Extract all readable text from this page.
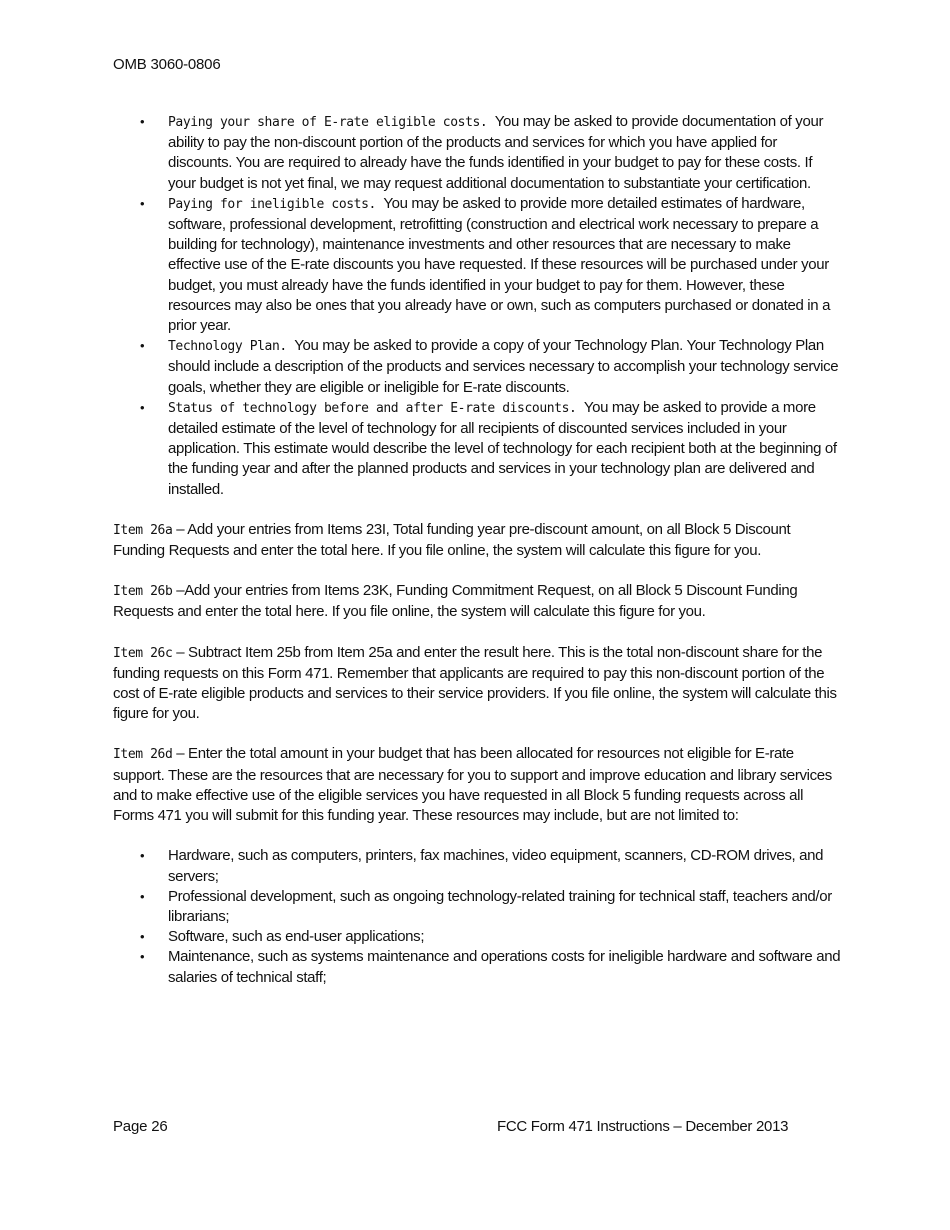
OMB 3060-0806
• Paying your share of E-rate eligible costs. You may be asked to provide documentation of your ability to pay the non-discount portion of the products and services for which you have applied for discounts. You are required to already have the funds identified in your budget to pay for these costs. If your budget is not yet final, we may request additional documentation to substantiate your certification.
• Paying for ineligible costs. You may be asked to provide more detailed estimates of hardware, software, professional development, retrofitting (construction and electrical work necessary to prepare a building for technology), maintenance investments and other resources that are necessary to make effective use of the E-rate discounts you have requested. If these resources will be purchased under your budget, you must already have the funds identified in your budget to pay for them. However, these resources may also be ones that you already have or own, such as computers purchased or donated in a prior year.
• Technology Plan. You may be asked to provide a copy of your Technology Plan. Your Technology Plan should include a description of the products and services necessary to accomplish your technology service goals, whether they are eligible or ineligible for E-rate discounts.
• Status of technology before and after E-rate discounts. You may be asked to provide a more detailed estimate of the level of technology for all recipients of discounted services included in your application. This estimate would describe the level of technology for each recipient both at the beginning of the funding year and after the planned products and services in your technology plan are delivered and installed.

Item 26a – Add your entries from Items 23I, Total funding year pre-discount amount, on all Block 5 Discount Funding Requests and enter the total here. If you file online, the system will calculate this figure for you.

Item 26b –Add your entries from Items 23K, Funding Commitment Request, on all Block 5 Discount Funding Requests and enter the total here. If you file online, the system will calculate this figure for you.

Item 26c – Subtract Item 25b from Item 25a and enter the result here. This is the total non-discount share for the funding requests on this Form 471. Remember that applicants are required to pay this non-discount portion of the cost of E-rate eligible products and services to their service providers. If you file online, the system will calculate this figure for you.

Item 26d – Enter the total amount in your budget that has been allocated for resources not eligible for E-rate support. These are the resources that are necessary for you to support and improve education and library services and to make effective use of the eligible services you have requested in all Block 5 funding requests across all Forms 471 you will submit for this funding year. These resources may include, but are not limited to:

• Hardware, such as computers, printers, fax machines, video equipment, scanners, CD-ROM drives, and servers;
• Professional development, such as ongoing technology-related training for technical staff, teachers and/or librarians;
• Software, such as end-user applications;
• Maintenance, such as systems maintenance and operations costs for ineligible hardware and software and salaries of technical staff;
Page 26	FCC Form 471 Instructions – December 2013
